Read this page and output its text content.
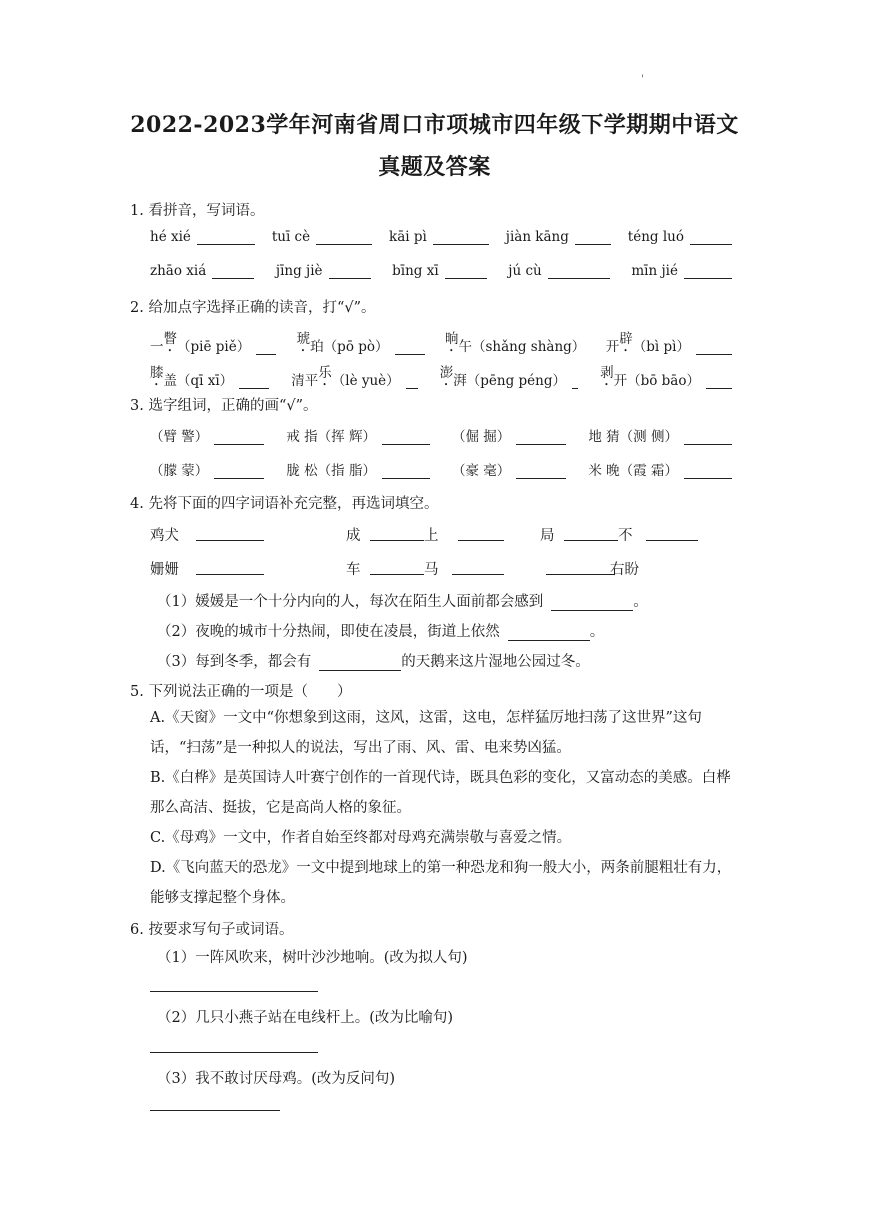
'
2022-2023学年河南省周口市项城市四年级下学期期中语文
真题及答案
1. 看拼音，写词语。
hé xié	tuī cè	kāi pì	jiàn kāng	téng luó
zhāo xiá	jīng jiè	bīng xī	jú cù	mīn jié
2. 给加点字选择正确的读音，打“√”。
一 瞥 （piē piě）	琥 珀 （pō pò）	晌 午 （shǎng shàng） 开 辟 （bì pì）
膝 盖 （qī xī）	清平 乐 （lè yuè）	澎 湃 （pēng péng）	剥 开 （bō bāo）
3. 选字组词，正确的画“√”。
（臂 警）	戒 指（挥 辉）	（倔 掘）	地 猜（测 侧）
（朦 蒙）	胧 松（指 脂）	（豪 毫）	米 晚（霞 霜）
4. 先将下面的四字词语补充完整，再选词填空。
鸡犬	成	上	局	不
姗姗	车	马	右盼
（1）媛媛是一个十分内向的人，每次在陌生人面前都会感到	。
（2）夜晚的城市十分热闹，即使在凌晨，街道上依然	。
（3）每到冬季，都会有	的天鹅来这片湿地公园过冬。
5. 下列说法正确的一项是（　　）
A.《天窗》一文中“你想象到这雨，这风，这雷，这电，怎样猛厉地扫荡了这世界”这句话，“扫荡”是一种拟人的说法，写出了雨、风、雷、电来势凶猛。
B.《白桦》是英国诗人叶赛宁创作的一首现代诗，既具色彩的变化，又富动态的美感。白桦那么高洁、挺拔，它是高尚人格的象征。
C.《母鸡》一文中，作者自始至终都对母鸡充满崇敬与喜爱之情。
D.《飞向蓝天的恐龙》一文中提到地球上的第一种恐龙和狗一般大小，两条前腿粗壮有力，能够支撑起整个身体。
6. 按要求写句子或词语。
（1）一阵风吹来，树叶沙沙地响。(改为拟人句)
（2）几只小燕子站在电线杆上。(改为比喻句)
（3）我不敢讨厌母鸡。(改为反问句)
